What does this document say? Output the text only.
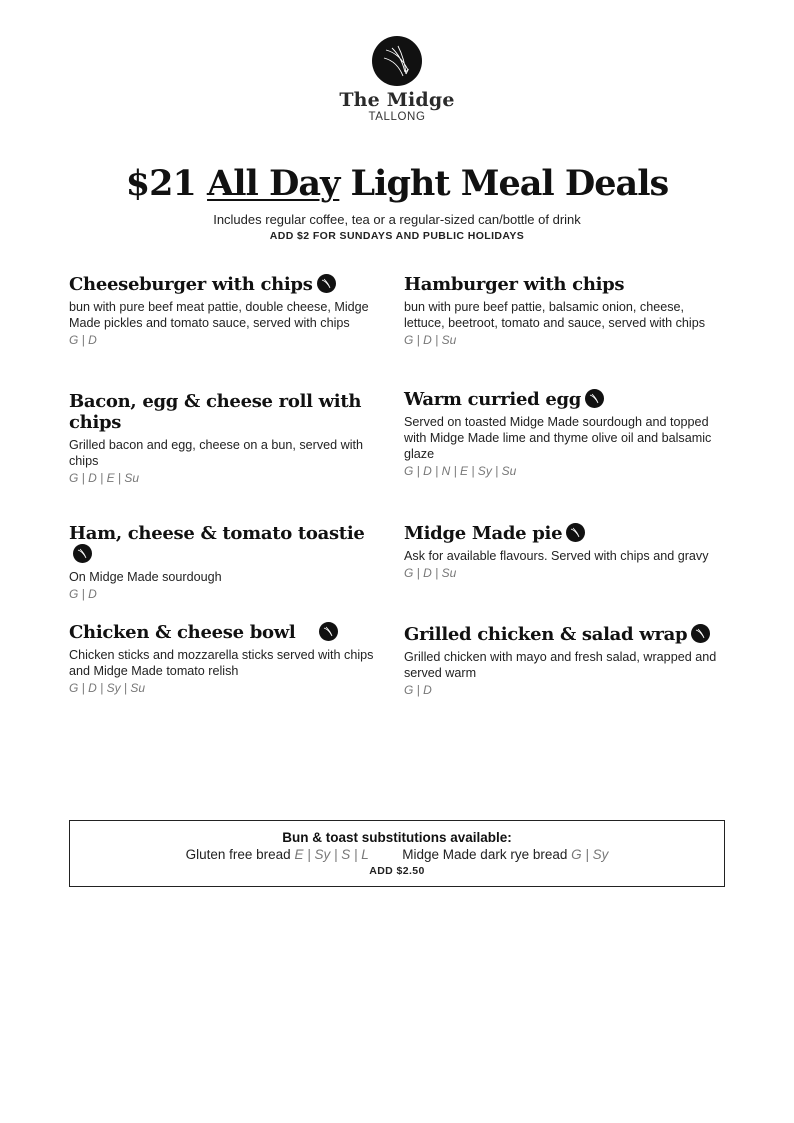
The Midge
TALLONG
$21 All Day Light Meal Deals
Includes regular coffee, tea or a regular-sized can/bottle of drink
ADD $2 FOR SUNDAYS AND PUBLIC HOLIDAYS
Cheeseburger with chips
bun with pure beef meat pattie, double cheese, Midge Made pickles and tomato sauce, served with chips
G | D
Hamburger with chips
bun with pure beef pattie, balsamic onion, cheese, lettuce, beetroot, tomato and sauce, served with chips
G | D | Su
Bacon, egg & cheese roll with chips
Grilled bacon and egg, cheese on a bun, served with chips
G | D | E | Su
Warm curried egg
Served on toasted Midge Made sourdough and topped with Midge Made lime and thyme olive oil and balsamic glaze
G | D | N | E | Sy | Su
Ham, cheese & tomato toastie
On Midge Made sourdough
G | D
Midge Made pie
Ask for available flavours. Served with chips and gravy
G | D | Su
Chicken & cheese bowl
Chicken sticks and mozzarella sticks served with chips and Midge Made tomato relish
G | D | Sy | Su
Grilled chicken & salad wrap
Grilled chicken with mayo and fresh salad, wrapped and served warm
G | D
Bun & toast substitutions available:
Gluten free bread E | Sy | S | L Midge Made dark rye bread G | Sy
ADD $2.50
